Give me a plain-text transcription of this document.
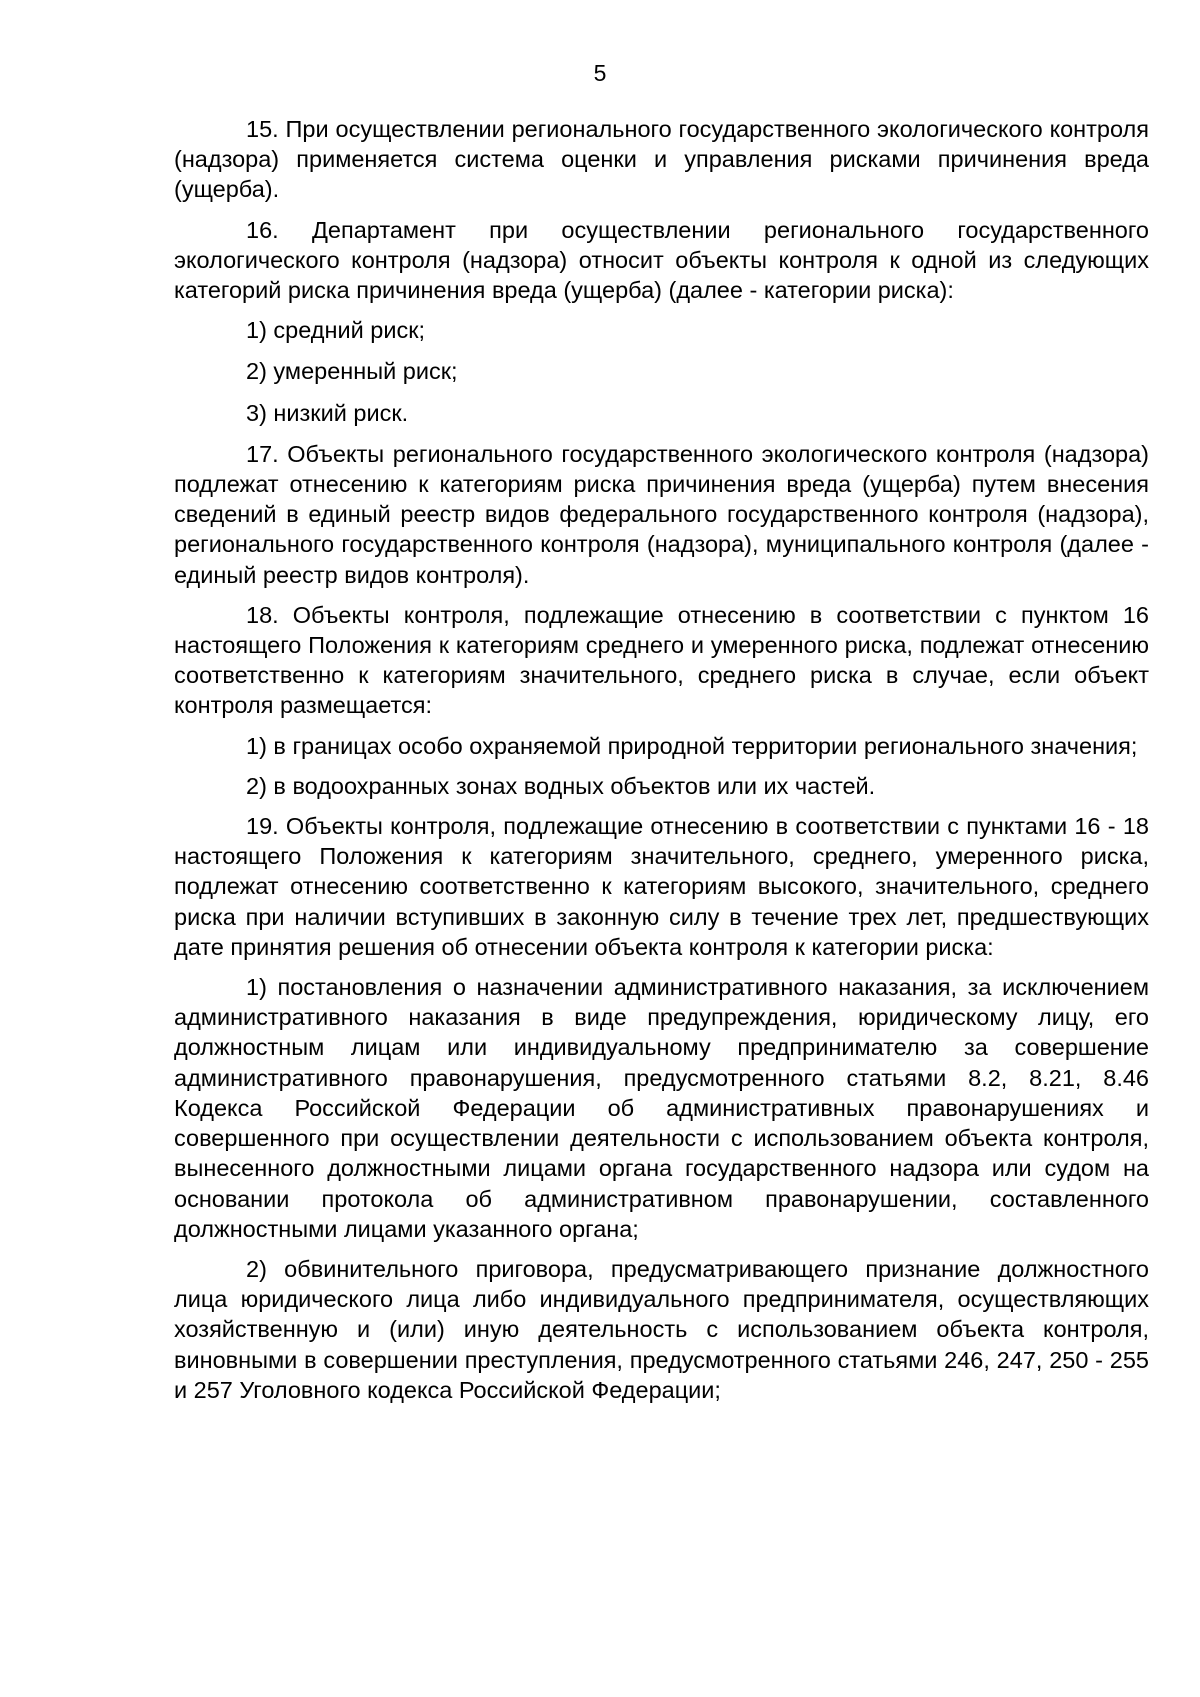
5

15. При осуществлении регионального государственного экологического контроля (надзора) применяется система оценки и управления рисками причинения вреда (ущерба).

16. Департамент при осуществлении регионального государственного экологического контроля (надзора) относит объекты контроля к одной из следующих категорий риска причинения вреда (ущерба) (далее - категории риска):

1) средний риск;

2) умеренный риск;

3) низкий риск.

17. Объекты регионального государственного экологического контроля (надзора) подлежат отнесению к категориям риска причинения вреда (ущерба) путем внесения сведений в единый реестр видов федерального государственного контроля (надзора), регионального государственного контроля (надзора), муниципального контроля (далее - единый реестр видов контроля).

18. Объекты контроля, подлежащие отнесению в соответствии с пунктом 16 настоящего Положения к категориям среднего и умеренного риска, подлежат отнесению соответственно к категориям значительного, среднего риска в случае, если объект контроля размещается:

1) в границах особо охраняемой природной территории регионального значения;

2) в водоохранных зонах водных объектов или их частей.

19. Объекты контроля, подлежащие отнесению в соответствии с пунктами 16 - 18 настоящего Положения к категориям значительного, среднего, умеренного риска, подлежат отнесению соответственно к категориям высокого, значительного, среднего риска при наличии вступивших в законную силу в течение трех лет, предшествующих дате принятия решения об отнесении объекта контроля к категории риска:

1) постановления о назначении административного наказания, за исключением административного наказания в виде предупреждения, юридическому лицу, его должностным лицам или индивидуальному предпринимателю за совершение административного правонарушения, предусмотренного статьями 8.2, 8.21, 8.46 Кодекса Российской Федерации об административных правонарушениях и совершенного при осуществлении деятельности с использованием объекта контроля, вынесенного должностными лицами органа государственного надзора или судом на основании протокола об административном правонарушении, составленного должностными лицами указанного органа;

2) обвинительного приговора, предусматривающего признание должностного лица юридического лица либо индивидуального предпринимателя, осуществляющих хозяйственную и (или) иную деятельность с использованием объекта контроля, виновными в совершении преступления, предусмотренного статьями 246, 247, 250 - 255 и 257 Уголовного кодекса Российской Федерации;
